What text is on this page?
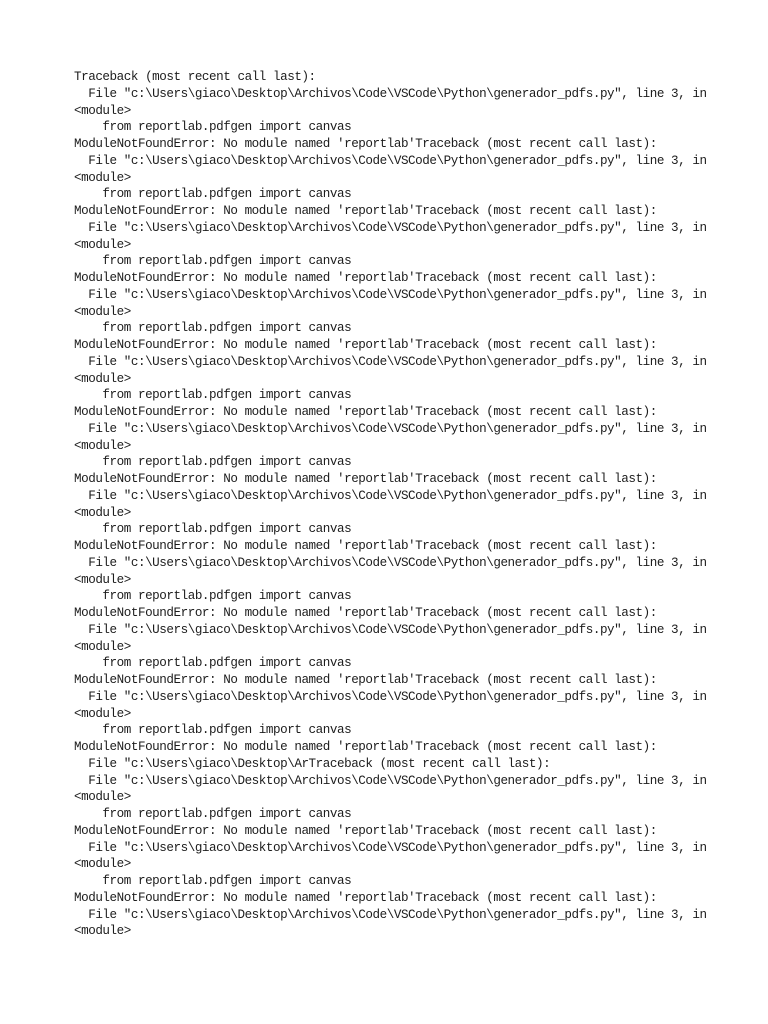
Traceback (most recent call last):
File "c:\Users\giaco\Desktop\Archivos\Code\VSCode\Python\generador_pdfs.py", line 3, in
<module>
from reportlab.pdfgen import canvas
ModuleNotFoundError: No module named 'reportlab'Traceback (most recent call last):
File "c:\Users\giaco\Desktop\Archivos\Code\VSCode\Python\generador_pdfs.py", line 3, in
<module>
from reportlab.pdfgen import canvas
ModuleNotFoundError: No module named 'reportlab'Traceback (most recent call last):
File "c:\Users\giaco\Desktop\Archivos\Code\VSCode\Python\generador_pdfs.py", line 3, in
<module>
from reportlab.pdfgen import canvas
ModuleNotFoundError: No module named 'reportlab'Traceback (most recent call last):
File "c:\Users\giaco\Desktop\Archivos\Code\VSCode\Python\generador_pdfs.py", line 3, in
<module>
from reportlab.pdfgen import canvas
ModuleNotFoundError: No module named 'reportlab'Traceback (most recent call last):
File "c:\Users\giaco\Desktop\Archivos\Code\VSCode\Python\generador_pdfs.py", line 3, in
<module>
from reportlab.pdfgen import canvas
ModuleNotFoundError: No module named 'reportlab'Traceback (most recent call last):
File "c:\Users\giaco\Desktop\Archivos\Code\VSCode\Python\generador_pdfs.py", line 3, in
<module>
from reportlab.pdfgen import canvas
ModuleNotFoundError: No module named 'reportlab'Traceback (most recent call last):
File "c:\Users\giaco\Desktop\Archivos\Code\VSCode\Python\generador_pdfs.py", line 3, in
<module>
from reportlab.pdfgen import canvas
ModuleNotFoundError: No module named 'reportlab'Traceback (most recent call last):
File "c:\Users\giaco\Desktop\Archivos\Code\VSCode\Python\generador_pdfs.py", line 3, in
<module>
from reportlab.pdfgen import canvas
ModuleNotFoundError: No module named 'reportlab'Traceback (most recent call last):
File "c:\Users\giaco\Desktop\Archivos\Code\VSCode\Python\generador_pdfs.py", line 3, in
<module>
from reportlab.pdfgen import canvas
ModuleNotFoundError: No module named 'reportlab'Traceback (most recent call last):
File "c:\Users\giaco\Desktop\Archivos\Code\VSCode\Python\generador_pdfs.py", line 3, in
<module>
from reportlab.pdfgen import canvas
ModuleNotFoundError: No module named 'reportlab'Traceback (most recent call last):
File "c:\Users\giaco\Desktop\ArTraceback (most recent call last):
File "c:\Users\giaco\Desktop\Archivos\Code\VSCode\Python\generador_pdfs.py", line 3, in
<module>
from reportlab.pdfgen import canvas
ModuleNotFoundError: No module named 'reportlab'Traceback (most recent call last):
File "c:\Users\giaco\Desktop\Archivos\Code\VSCode\Python\generador_pdfs.py", line 3, in
<module>
from reportlab.pdfgen import canvas
ModuleNotFoundError: No module named 'reportlab'Traceback (most recent call last):
File "c:\Users\giaco\Desktop\Archivos\Code\VSCode\Python\generador_pdfs.py", line 3, in
<module>
